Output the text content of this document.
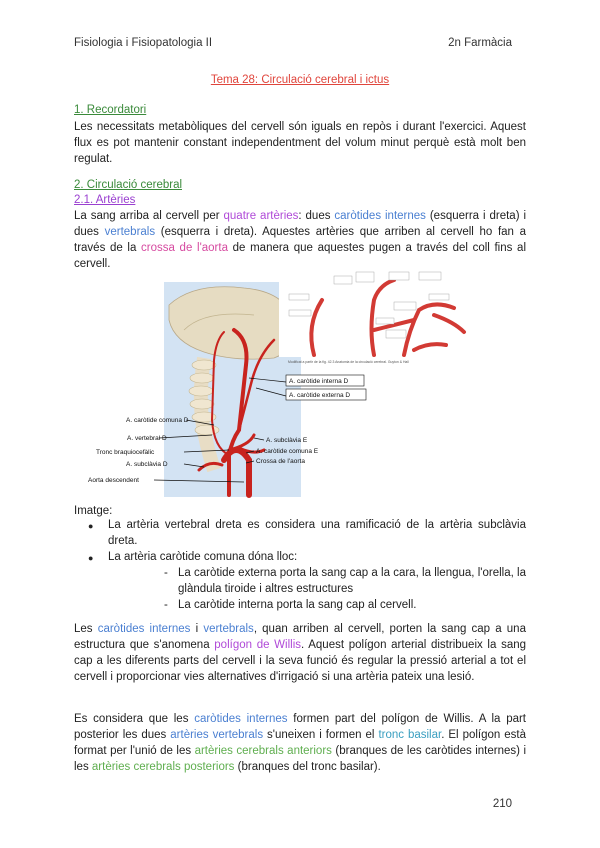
Fisiologia i Fisiopatologia II	2n Farmàcia
Tema 28: Circulació cerebral i ictus
1. Recordatori
Les necessitats metabòliques del cervell són iguals en repòs i durant l'exercici. Aquest flux es pot mantenir constant independentment del volum minut perquè està molt ben regulat.
2. Circulació cerebral
2.1. Artèries
La sang arriba al cervell per quatre artèries: dues caròtides internes (esquerra i dreta) i dues vertebrals (esquerra i dreta). Aquestes artèries que arriben al cervell ho fan a través de la crossa de l'aorta de manera que aquestes pugen a través del coll fins al cervell.
Modificat a partir de la fig. 42.3 Anatomia de la circulació cerebral. Guyton & Hall
A. caròtide interna D
A. caròtide externa D
A. caròtide comuna D
A. vertebral D
Tronc braquiocefàlic
A. subclàvia D
Aorta descendent
A. subclàvia E
A. caròtide comuna E
Crossa de l'aorta
Imatge:
● La artèria vertebral dreta es considera una ramificació de la artèria subclàvia dreta.
● La artèria caròtide comuna dóna lloc:
- La caròtide externa porta la sang cap a la cara, la llengua, l'orella, la glàndula tiroide i altres estructures
- La caròtide interna porta la sang cap al cervell.
Les caròtides internes i vertebrals, quan arriben al cervell, porten la sang cap a una estructura que s'anomena polígon de Willis. Aquest polígon arterial distribueix la sang cap a les diferents parts del cervell i la seva funció és regular la pressió arterial a tot el cervell i proporcionar vies alternatives d'irrigació si una artèria pateix una lesió.
Es considera que les caròtides internes formen part del polígon de Willis. A la part posterior les dues artèries vertebrals s'uneixen i formen el tronc basilar. El polígon està format per l'unió de les artèries cerebrals anteriors (branques de les caròtides internes) i les artèries cerebrals posteriors (branques del tronc basilar).
210
